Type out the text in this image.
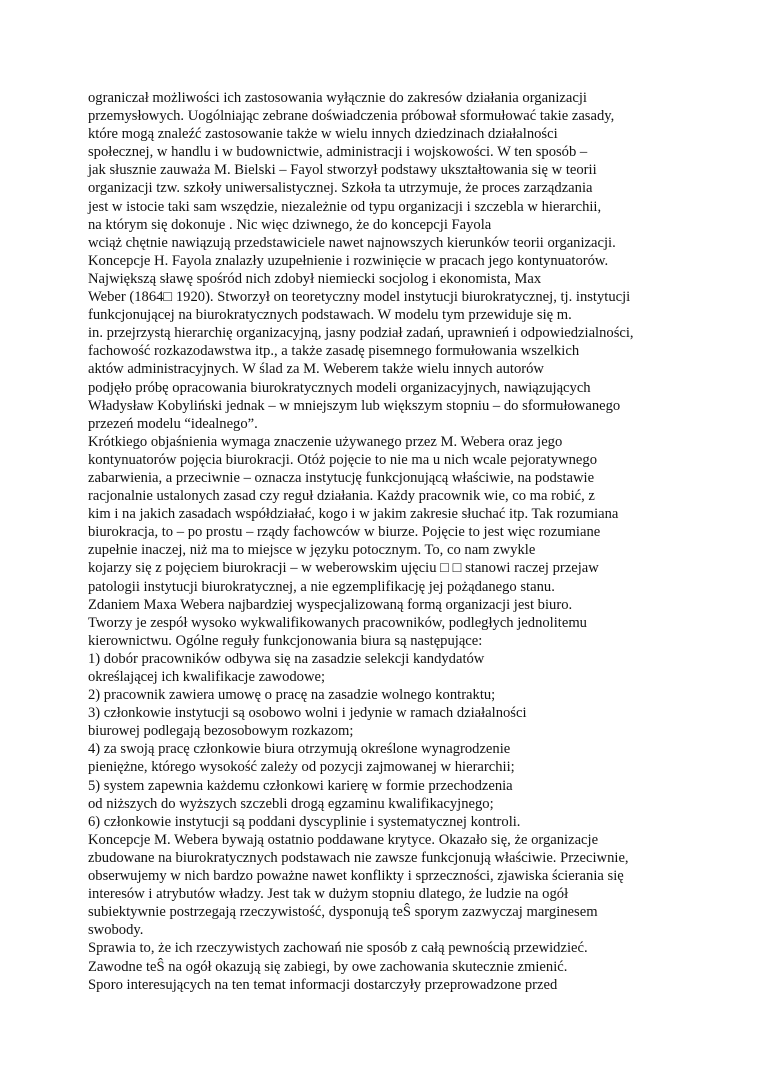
ograniczał możliwości ich zastosowania wyłącznie do zakresów działania organizacji
przemysłowych. Uogólniając zebrane doświadczenia próbował sformułować takie zasady,
które mogą znaleźć zastosowanie także w wielu innych dziedzinach działalności
społecznej, w handlu i w budownictwie, administracji i wojskowości. W ten sposób –
jak słusznie zauważa M. Bielski – Fayol stworzył podstawy ukształtowania się w teorii
organizacji tzw. szkoły uniwersalistycznej. Szkoła ta utrzymuje, że proces zarządzania
jest w istocie taki sam wszędzie, niezależnie od typu organizacji i szczebla w hierarchii,
na którym się dokonuje . Nic więc dziwnego, że do koncepcji Fayola
wciąż chętnie nawiązują przedstawiciele nawet najnowszych kierunków teorii organizacji.
Koncepcje H. Fayola znalazły uzupełnienie i rozwinięcie w pracach jego kontynuatorów.
Największą sławę spośród nich zdobył niemiecki socjolog i ekonomista, Max
Weber (1864□ 1920). Stworzył on teoretyczny model instytucji biurokratycznej, tj. instytucji
funkcjonującej na biurokratycznych podstawach. W modelu tym przewiduje się m.
in. przejrzystą hierarchię organizacyjną, jasny podział zadań, uprawnień i odpowiedzialności,
fachowość rozkazodawstwa itp., a także zasadę pisemnego formułowania wszelkich
aktów administracyjnych. W ślad za M. Weberem także wielu innych autorów
podjęło próbę opracowania biurokratycznych modeli organizacyjnych, nawiązujących
Władysław Kobyliński jednak – w mniejszym lub większym stopniu – do sformułowanego
przezeń modelu “idealnego”.
Krótkiego objaśnienia wymaga znaczenie używanego przez M. Webera oraz jego
kontynuatorów pojęcia biurokracji. Otóż pojęcie to nie ma u nich wcale pejoratywnego
zabarwienia, a przeciwnie – oznacza instytucję funkcjonującą właściwie, na podstawie
racjonalnie ustalonych zasad czy reguł działania. Każdy pracownik wie, co ma robić, z
kim i na jakich zasadach współdziałać, kogo i w jakim zakresie słuchać itp. Tak rozumiana
biurokracja, to – po prostu – rządy fachowców w biurze. Pojęcie to jest więc rozumiane
zupełnie inaczej, niż ma to miejsce w języku potocznym. To, co nam zwykle
kojarzy się z pojęciem biurokracji – w weberowskim ujęciu □ □ stanowi raczej przejaw
patologii instytucji biurokratycznej, a nie egzemplifikację jej pożądanego stanu.
Zdaniem Maxa Webera najbardziej wyspecjalizowaną formą organizacji jest biuro.
Tworzy je zespół wysoko wykwalifikowanych pracowników, podległych jednolitemu
kierownictwu. Ogólne reguły funkcjonowania biura są następujące:
1) dobór pracowników odbywa się na zasadzie selekcji kandydatów
określającej ich kwalifikacje zawodowe;
2) pracownik zawiera umowę o pracę na zasadzie wolnego kontraktu;
3) członkowie instytucji są osobowo wolni i jedynie w ramach działalności
biurowej podlegają bezosobowym rozkazom;
4) za swoją pracę członkowie biura otrzymują określone wynagrodzenie
pieniężne, którego wysokość zależy od pozycji zajmowanej w hierarchii;
5) system zapewnia każdemu członkowi karierę w formie przechodzenia
od niższych do wyższych szczebli drogą egzaminu kwalifikacyjnego;
6) członkowie instytucji są poddani dyscyplinie i systematycznej kontroli.
Koncepcje M. Webera bywają ostatnio poddawane krytyce. Okazało się, że organizacje
zbudowane na biurokratycznych podstawach nie zawsze funkcjonują właściwie. Przeciwnie,
obserwujemy w nich bardzo poważne nawet konflikty i sprzeczności, zjawiska ścierania się
interesów i atrybutów władzy. Jest tak w dużym stopniu dlatego, że ludzie na ogół
subiektywnie postrzegają rzeczywistość, dysponują teŜ sporym zazwyczaj marginesem
swobody.
Sprawia to, że ich rzeczywistych zachowań nie sposób z całą pewnością przewidzieć.
Zawodne teŜ na ogół okazują się zabiegi, by owe zachowania skutecznie zmienić.
Sporo interesujących na ten temat informacji dostarczyły przeprowadzone przed
